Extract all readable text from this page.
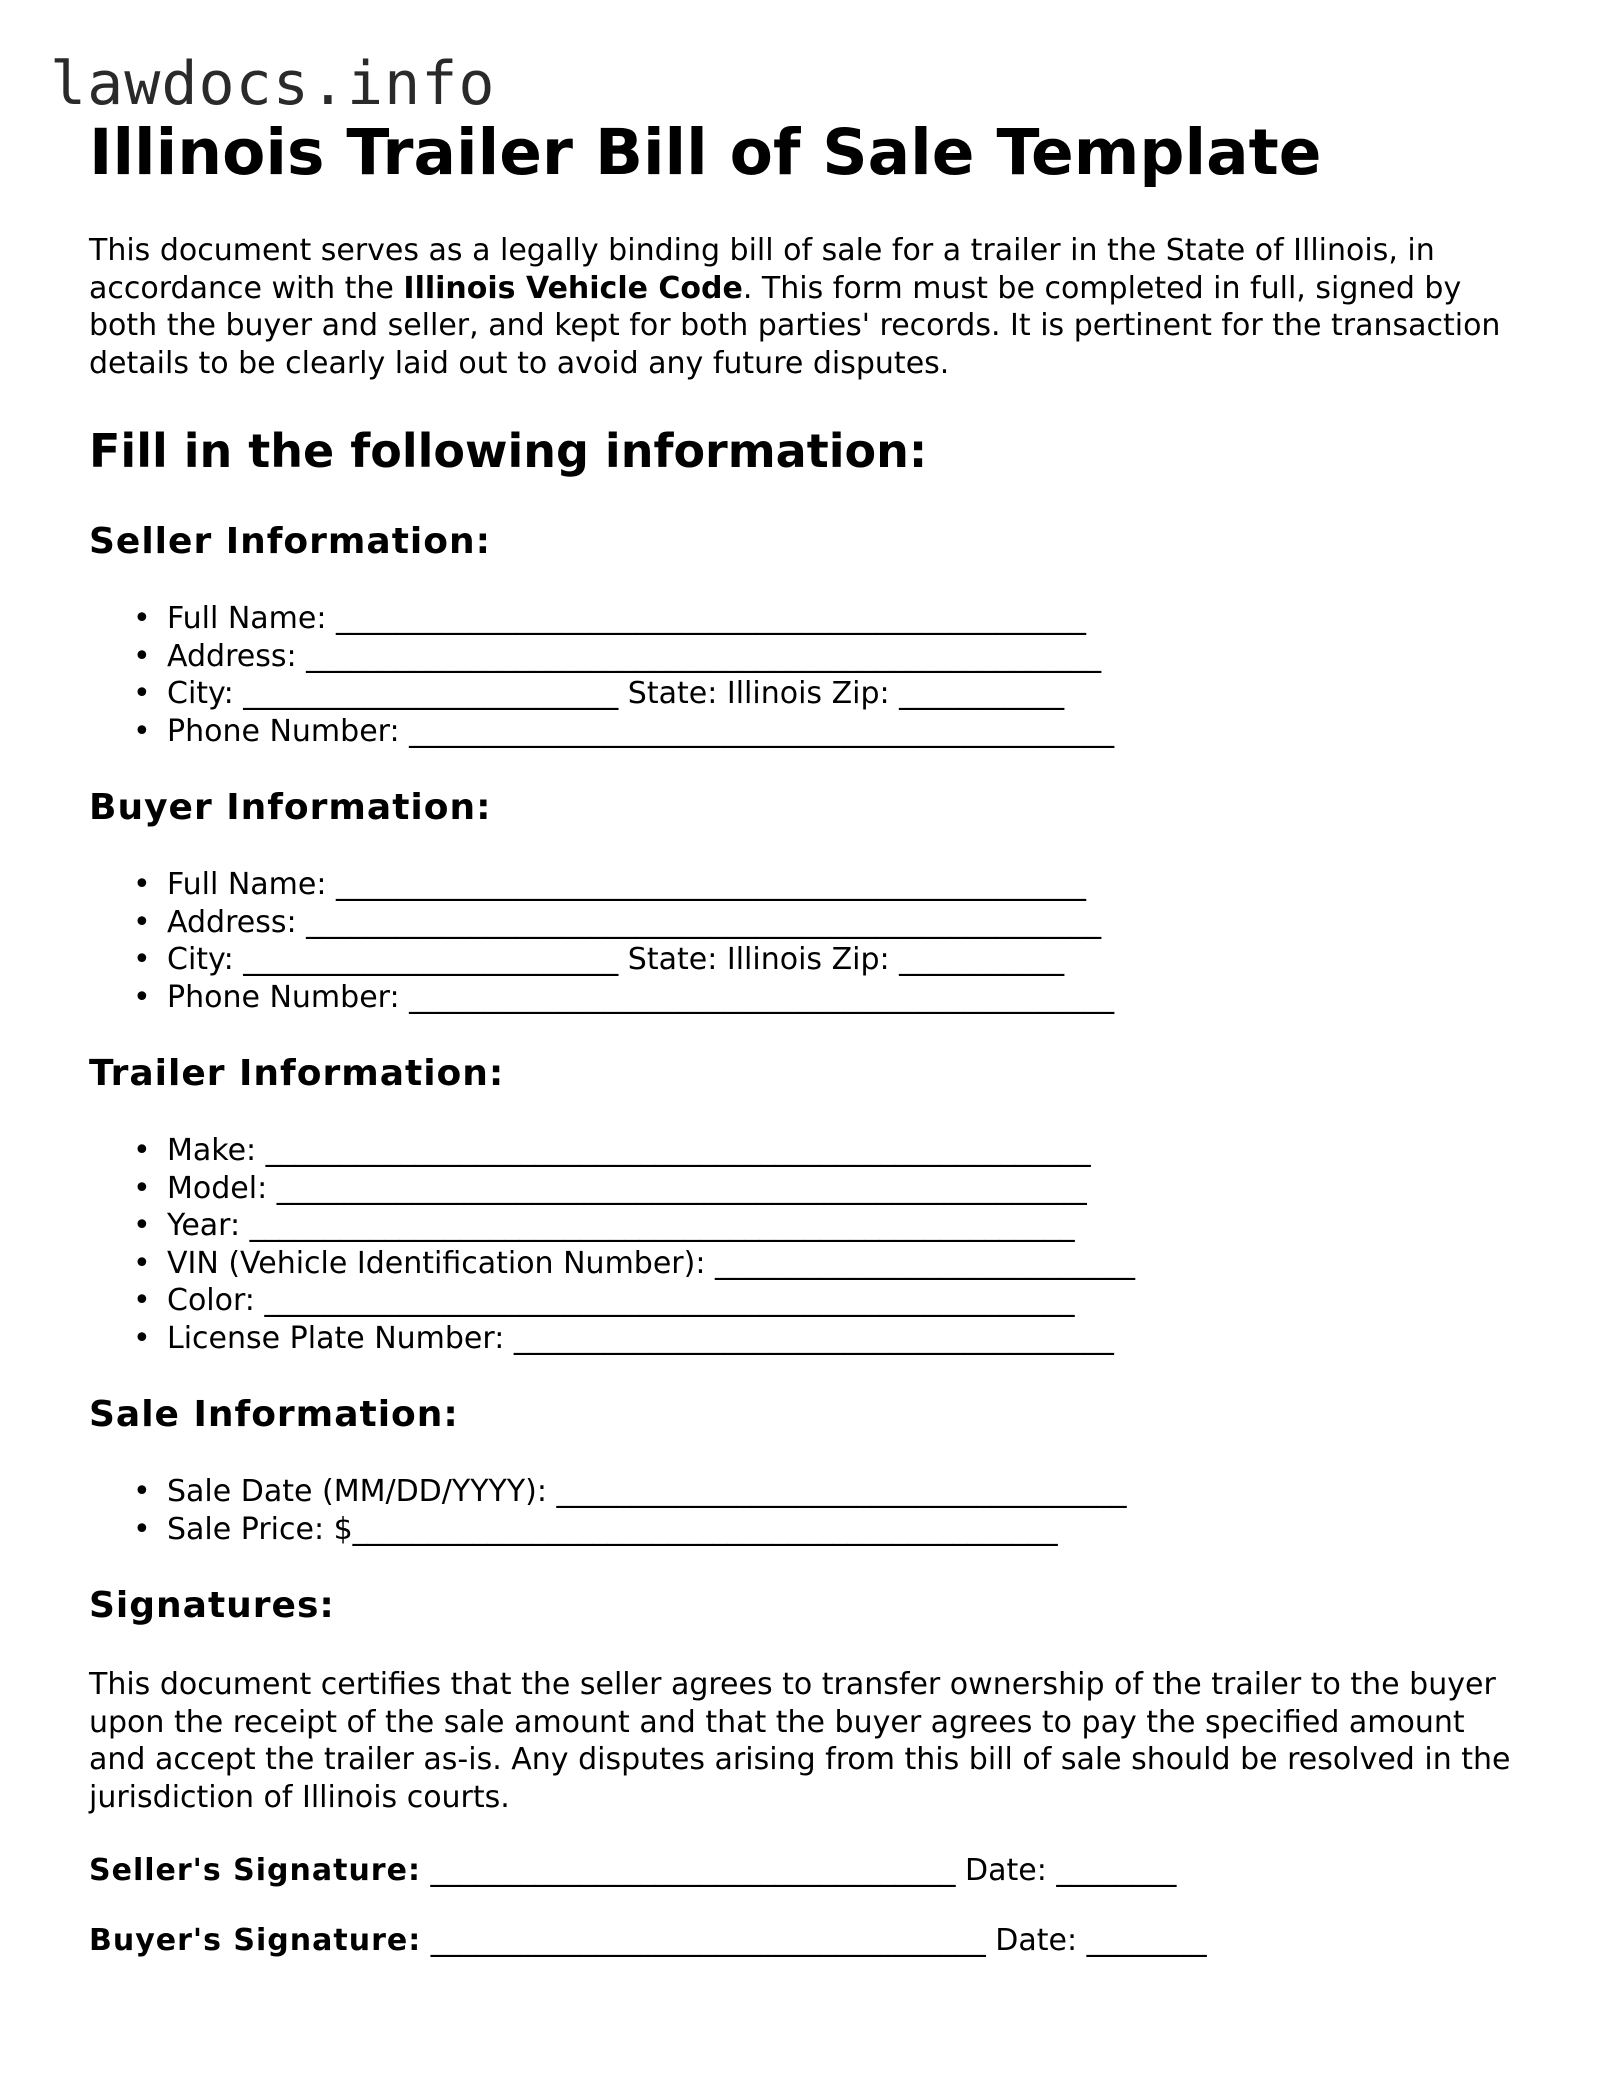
lawdocs.info
Illinois Trailer Bill of Sale Template

This document serves as a legally binding bill of sale for a trailer in the State of Illinois, in accordance with the Illinois Vehicle Code. This form must be completed in full, signed by both the buyer and seller, and kept for both parties' records. It is pertinent for the transaction details to be clearly laid out to avoid any future disputes.

Fill in the following information:
Seller Information:
• Full Name: __________________________________________________
• Address: _____________________________________________________
• City: _________________________ State: Illinois Zip: ___________
• Phone Number: _______________________________________________
Buyer Information:
• Full Name: __________________________________________________
• Address: _____________________________________________________
• City: _________________________ State: Illinois Zip: ___________
• Phone Number: _______________________________________________
Trailer Information:
• Make: _______________________________________________________
• Model: ______________________________________________________
• Year: _______________________________________________________
• VIN (Vehicle Identification Number): ____________________________
• Color: ______________________________________________________
• License Plate Number: ________________________________________
Sale Information:
• Sale Date (MM/DD/YYYY): ______________________________________
• Sale Price: $_______________________________________________
Signatures:

This document certifies that the seller agrees to transfer ownership of the trailer to the buyer upon the receipt of the sale amount and that the buyer agrees to pay the specified amount and accept the trailer as-is. Any disputes arising from this bill of sale should be resolved in the jurisdiction of Illinois courts.

Seller's Signature: ___________________________________ Date: ________
Buyer's Signature: _____________________________________ Date: ________
